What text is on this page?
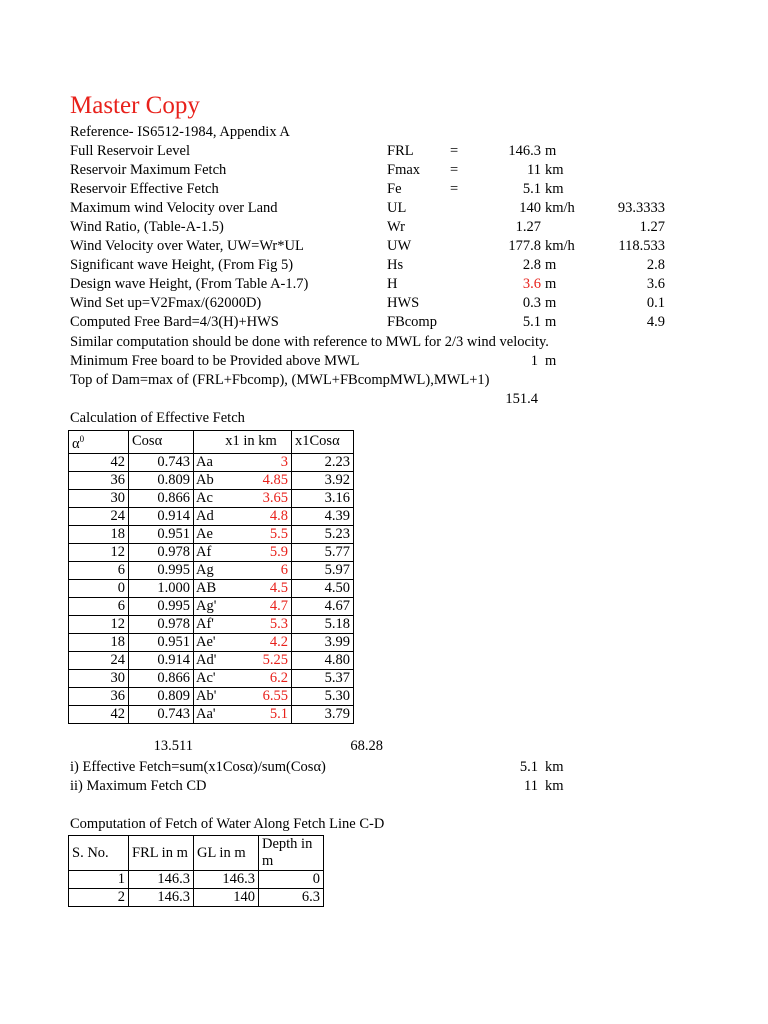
Master Copy
Reference- IS6512-1984, Appendix A
Full Reservoir Level	FRL	=	146.3 m
Reservoir Maximum Fetch	Fmax =	11 km
Reservoir Effective Fetch	Fe	=	5.1 km
Maximum wind Velocity over Land	UL	140 km/h	93.3333
Wind Ratio, (Table-A-1.5)	Wr	1.27	1.27
Wind Velocity over Water, UW=Wr*UL	UW	177.8 km/h	118.533
Significant wave Height, (From Fig 5)	Hs	2.8 m	2.8
Design wave Height, (From Table A-1.7)	H	3.6 m	3.6
Wind Set up=V2Fmax/(62000D)	HWS	0.3 m	0.1
Computed Free Bard=4/3(H)+HWS	FBcomp	5.1 m	4.9
Similar computation should be done with reference to MWL for 2/3 wind velocity.
Minimum Free board to be Provided above MWL	1 m
Top of Dam=max of (FRL+Fbcomp), (MWL+FBcompMWL),MWL+1)
151.4
Calculation of Effective Fetch
$\alpha^0$	Cosα	x1 in km	x1Cosα
42	0.743	Aa 3	2.23
36	0.809	Ab 4.85	3.92
30	0.866	Ac 3.65	3.16
24	0.914	Ad 4.8	4.39
18	0.951	Ae 5.5	5.23
12	0.978	Af 5.9	5.77
6	0.995	Ag 6	5.97
0	1.000	AB 4.5	4.50
6	0.995	Ag' 4.7	4.67
12	0.978	Af' 5.3	5.18
18	0.951	Ae' 4.2	3.99
24	0.914	Ad' 5.25	4.80
30	0.866	Ac' 6.2	5.37
36	0.809	Ab' 6.55	5.30
42	0.743	Aa' 5.1	3.79
13.511	68.28
i) Effective Fetch=sum(x1Cosα)/sum(Cosα)	5.1 km
ii) Maximum Fetch CD	11 km
Computation of Fetch of Water Along Fetch Line C-D
S. No.	FRL in m	GL in m	Depth in m
1	146.3	146.3	0
2	146.3	140	6.3
